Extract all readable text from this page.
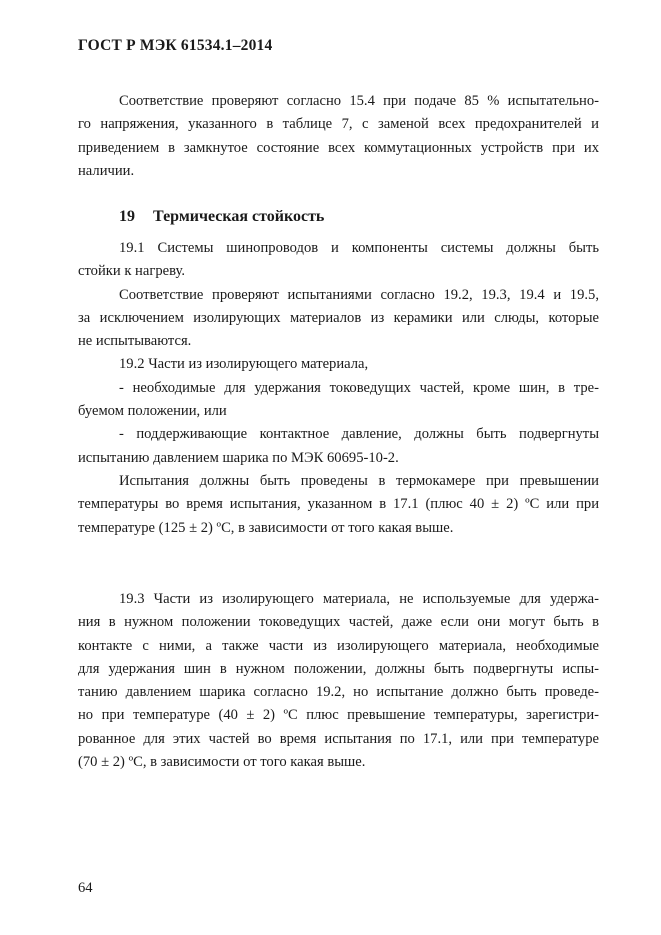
ГОСТ Р МЭК 61534.1–2014
Соответствие проверяют согласно 15.4 при подаче 85 % испытательно-
го напряжения, указанного в таблице 7, с заменой всех предохранителей и
приведением в замкнутое состояние всех коммутационных устройств при их
наличии.
19 Термическая стойкость
19.1 Системы шинопроводов и компоненты системы должны быть
стойки к нагреву.
Соответствие проверяют испытаниями согласно 19.2, 19.3, 19.4 и 19.5,
за исключением изолирующих материалов из керамики или слюды, которые
не испытываются.
19.2 Части из изолирующего материала,
- необходимые для удержания токоведущих частей, кроме шин, в тре-
буемом положении, или
- поддерживающие контактное давление, должны быть подвергнуты
испытанию давлением шарика по МЭК 60695-10-2.
Испытания должны быть проведены в термокамере при превышении
температуры во время испытания, указанном в 17.1 (плюс 40 ± 2) ºС или при
температуре (125 ± 2) ºС, в зависимости от того какая выше.
19.3 Части из изолирующего материала, не используемые для удержа-
ния в нужном положении токоведущих частей, даже если они могут быть в
контакте с ними, а также части из изолирующего материала, необходимые
для удержания шин в нужном положении, должны быть подвергнуты испы-
танию давлением шарика согласно 19.2, но испытание должно быть проведе-
но при температуре (40 ± 2) ºС плюс превышение температуры, зарегистри-
рованное для этих частей во время испытания по 17.1, или при температуре
(70 ± 2) ºС, в зависимости от того какая выше.
64
